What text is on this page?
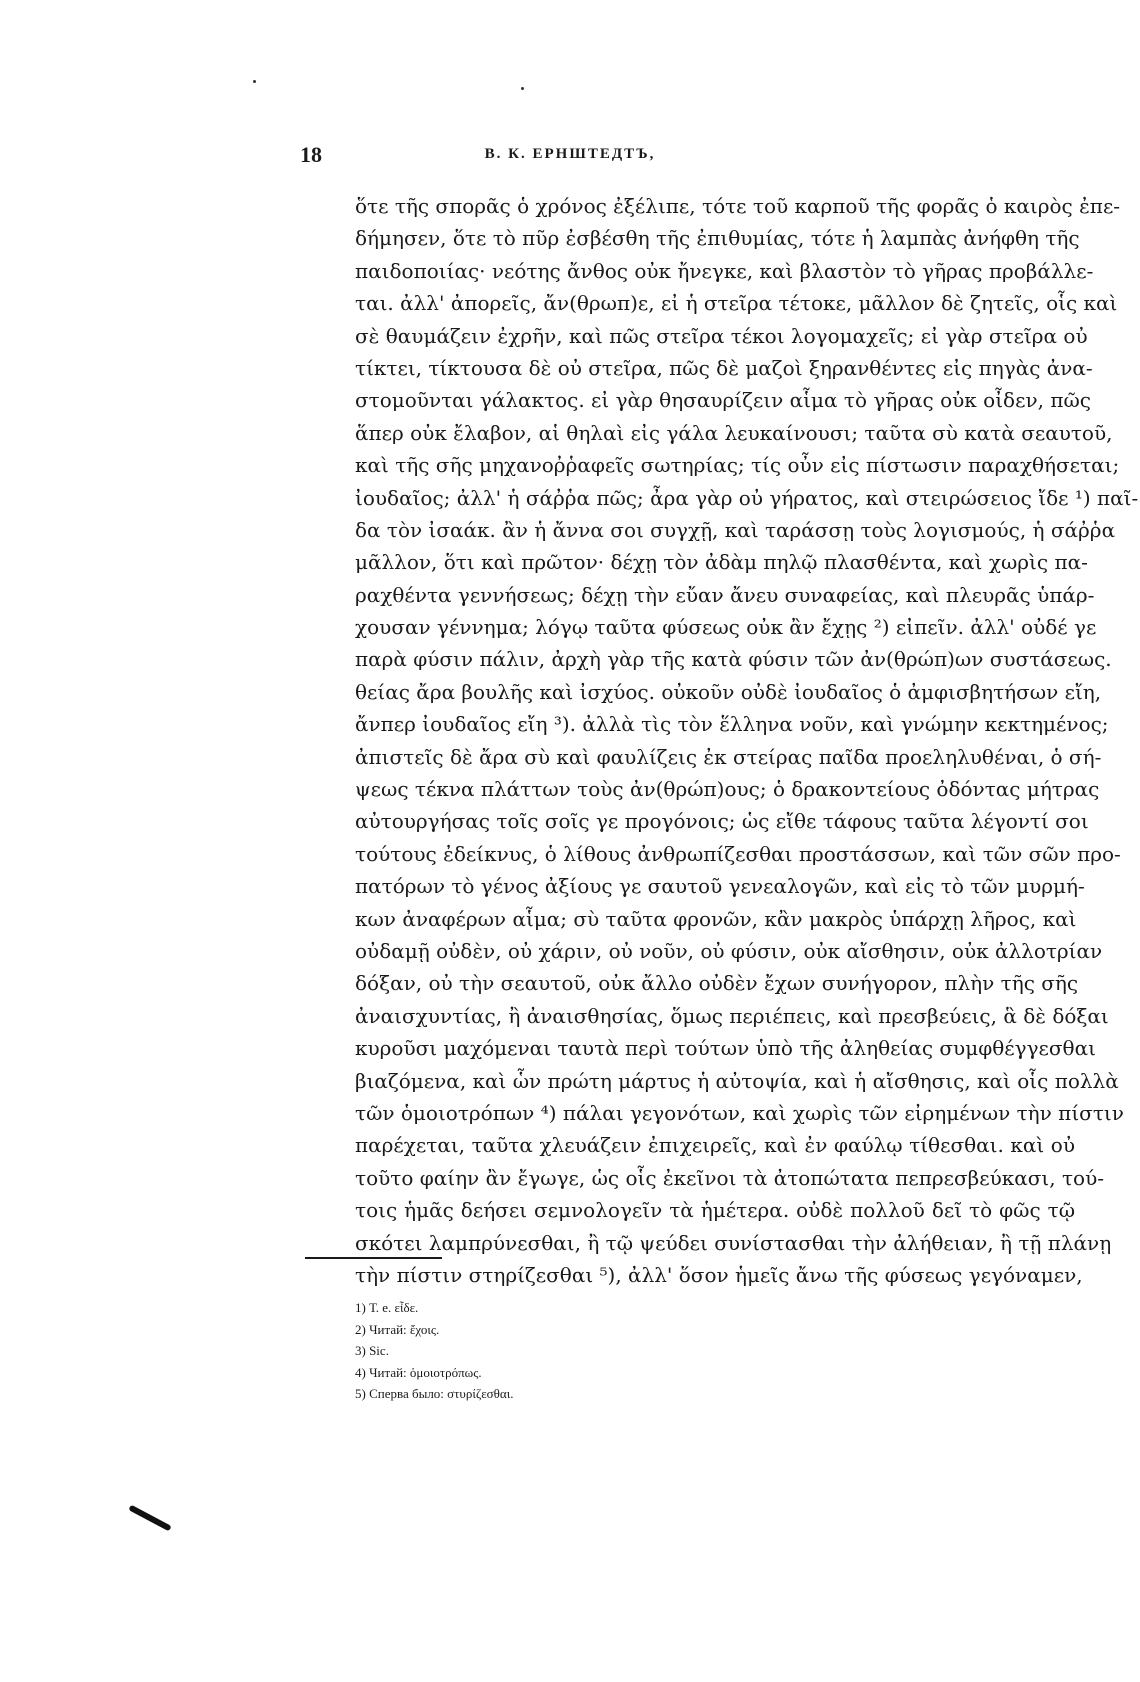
18	В. К. ЕРНШТЕДТЪ,
ὅτε τῆς σπορᾶς ὁ χρόνος ἐξέλιπε, τότε τοῦ καρποῦ τῆς φορᾶς ὁ καιρὸς ἐπε-
δήμησεν, ὅτε τὸ πῦρ ἐσβέσθη τῆς ἐπιθυμίας, τότε ἡ λαμπὰς ἀνήφθη τῆς
παιδοποιίας· νεότης ἄνθος οὐκ ἤνεγκε, καὶ βλαστὸν τὸ γῆρας προβάλλε-
ται. ἀλλ' ἀπορεῖς, ἄν(θρωπ)ε, εἰ ἡ στεῖρα τέτοκε, μᾶλλον δὲ ζητεῖς, οἷς καὶ
σὲ θαυμάζειν ἐχρῆν, καὶ πῶς στεῖρα τέκοι λογομαχεῖς; εἰ γὰρ στεῖρα οὐ
τίκτει, τίκτουσα δὲ οὐ στεῖρα, πῶς δὲ μαζοὶ ξηρανθέντες εἰς πηγὰς ἀνα-
στομοῦνται γάλακτος. εἰ γὰρ θησαυρίζειν αἷμα τὸ γῆρας οὐκ οἶδεν, πῶς
ἅπερ οὐκ ἔλαβον, αἱ θηλαὶ εἰς γάλα λευκαίνουσι; ταῦτα σὺ κατὰ σεαυτοῦ,
καὶ τῆς σῆς μηχανοῤῥαφεῖς σωτηρίας; τίς οὖν εἰς πίστωσιν παραχθήσεται;
ἰουδαῖος; ἀλλ' ἡ σάῤῥα πῶς; ἆρα γὰρ οὐ γήρατος, καὶ στειρώσειος ἴδε ¹) παῖ-
δα τὸν ἰσαάκ. ἂν ἡ ἄννα σοι συγχῇ, καὶ ταράσσῃ τοὺς λογισμούς, ἡ σάῤῥα
μᾶλλον, ὅτι καὶ πρῶτον· δέχῃ τὸν ἀδὰμ πηλῷ πλασθέντα, καὶ χωρὶς πα-
ραχθέντα γεννήσεως; δέχῃ τὴν εὔαν ἄνευ συναφείας, καὶ πλευρᾶς ὑπάρ-
χουσαν γέννημα; λόγῳ ταῦτα φύσεως οὐκ ἂν ἔχῃς ²) εἰπεῖν. ἀλλ' οὐδέ γε
παρὰ φύσιν πάλιν, ἀρχὴ γὰρ τῆς κατὰ φύσιν τῶν ἀν(θρώπ)ων συστάσεως.
θείας ἄρα βουλῆς καὶ ἰσχύος. οὐκοῦν οὐδὲ ἰουδαῖος ὁ ἀμφισβητήσων εἴη,
ἄνπερ ἰουδαῖος εἴη ³). ἀλλὰ τὶς τὸν ἕλληνα νοῦν, καὶ γνώμην κεκτημένος;
ἀπιστεῖς δὲ ἄρα σὺ καὶ φαυλίζεις ἐκ στείρας παῖδα προεληλυθέναι, ὁ σή-
ψεως τέκνα πλάττων τοὺς ἀν(θρώπ)ους; ὁ δρακοντείους ὀδόντας μήτρας
αὐτουργήσας τοῖς σοῖς γε προγόνοις; ὡς εἴθε τάφους ταῦτα λέγοντί σοι
τούτους ἐδείκνυς, ὁ λίθους ἀνθρωπίζεσθαι προστάσσων, καὶ τῶν σῶν προ-
πατόρων τὸ γένος ἀξίους γε σαυτοῦ γενεαλογῶν, καὶ εἰς τὸ τῶν μυρμή-
κων ἀναφέρων αἷμα; σὺ ταῦτα φρονῶν, κἂν μακρὸς ὑπάρχῃ λῆρος, καὶ
οὐδαμῇ οὐδὲν, οὐ χάριν, οὐ νοῦν, οὐ φύσιν, οὐκ αἴσθησιν, οὐκ ἀλλοτρίαν
δόξαν, οὐ τὴν σεαυτοῦ, οὐκ ἄλλο οὐδὲν ἔχων συνήγορον, πλὴν τῆς σῆς
ἀναισχυντίας, ἢ ἀναισθησίας, ὅμως περιέπεις, καὶ πρεσβεύεις, ἃ δὲ δόξαι
κυροῦσι μαχόμεναι ταυτὰ περὶ τούτων ὑπὸ τῆς ἀληθείας συμφθέγγεσθαι
βιαζόμενα, καὶ ὧν πρώτη μάρτυς ἡ αὐτοψία, καὶ ἡ αἴσθησις, καὶ οἷς πολλὰ
τῶν ὁμοιοτρόπων ⁴) πάλαι γεγονότων, καὶ χωρὶς τῶν εἰρημένων τὴν πίστιν
παρέχεται, ταῦτα χλευάζειν ἐπιχειρεῖς, καὶ ἐν φαύλῳ τίθεσθαι. καὶ οὐ
τοῦτο φαίην ἂν ἔγωγε, ὡς οἷς ἐκεῖνοι τὰ ἀτοπώτατα πεπρεσβεύκασι, τού-
τοις ἡμᾶς δεήσει σεμνολογεῖν τὰ ἡμέτερα. οὐδὲ πολλοῦ δεῖ τὸ φῶς τῷ
σκότει λαμπρύνεσθαι, ἢ τῷ ψεύδει συνίστασθαι τὴν ἀλήθειαν, ἢ τῇ πλάνῃ
τὴν πίστιν στηρίζεσθαι ⁵), ἀλλ' ὅσον ἡμεῖς ἄνω τῆς φύσεως γεγόναμεν,
1) Т. е. εἶδε.
2) Читай: ἔχοις.
3) Sic.
4) Читай: ὁμοιοτρόπως.
5) Сперва было: στυρίζεσθαι.
